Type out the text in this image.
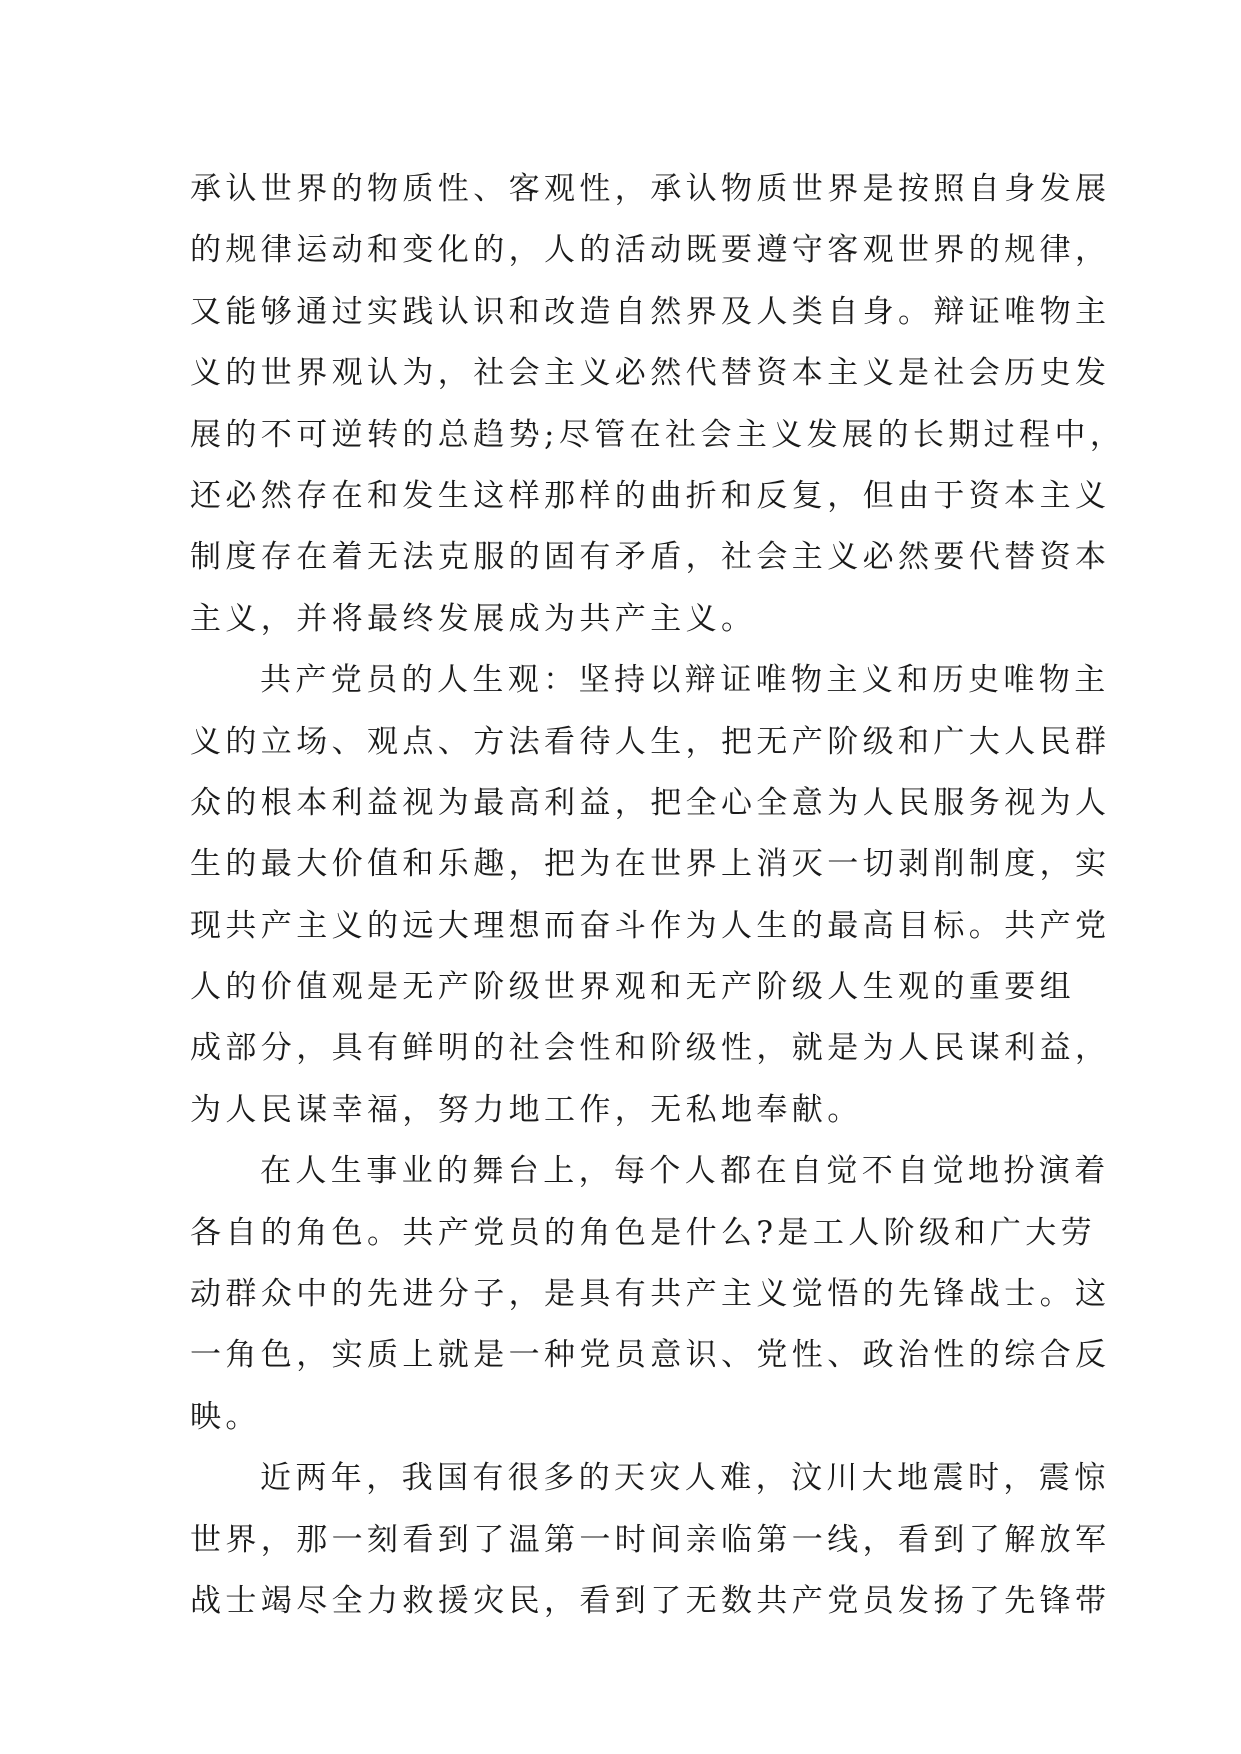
承认世界的物质性、客观性，承认物质世界是按照自身发展
的规律运动和变化的，人的活动既要遵守客观世界的规律，
又能够通过实践认识和改造自然界及人类自身。辩证唯物主
义的世界观认为，社会主义必然代替资本主义是社会历史发
展的不可逆转的总趋势;尽管在社会主义发展的长期过程中，
还必然存在和发生这样那样的曲折和反复，但由于资本主义
制度存在着无法克服的固有矛盾，社会主义必然要代替资本
主义，并将最终发展成为共产主义。
共产党员的人生观：坚持以辩证唯物主义和历史唯物主
义的立场、观点、方法看待人生，把无产阶级和广大人民群
众的根本利益视为最高利益，把全心全意为人民服务视为人
生的最大价值和乐趣，把为在世界上消灭一切剥削制度，实
现共产主义的远大理想而奋斗作为人生的最高目标。共产党
人的价值观是无产阶级世界观和无产阶级人生观的重要组
成部分，具有鲜明的社会性和阶级性，就是为人民谋利益，
为人民谋幸福，努力地工作，无私地奉献。
在人生事业的舞台上，每个人都在自觉不自觉地扮演着
各自的角色。共产党员的角色是什么?是工人阶级和广大劳
动群众中的先进分子，是具有共产主义觉悟的先锋战士。这
一角色，实质上就是一种党员意识、党性、政治性的综合反
映。
近两年，我国有很多的天灾人难，汶川大地震时，震惊
世界，那一刻看到了温第一时间亲临第一线，看到了解放军
战士竭尽全力救援灾民，看到了无数共产党员发扬了先锋带
